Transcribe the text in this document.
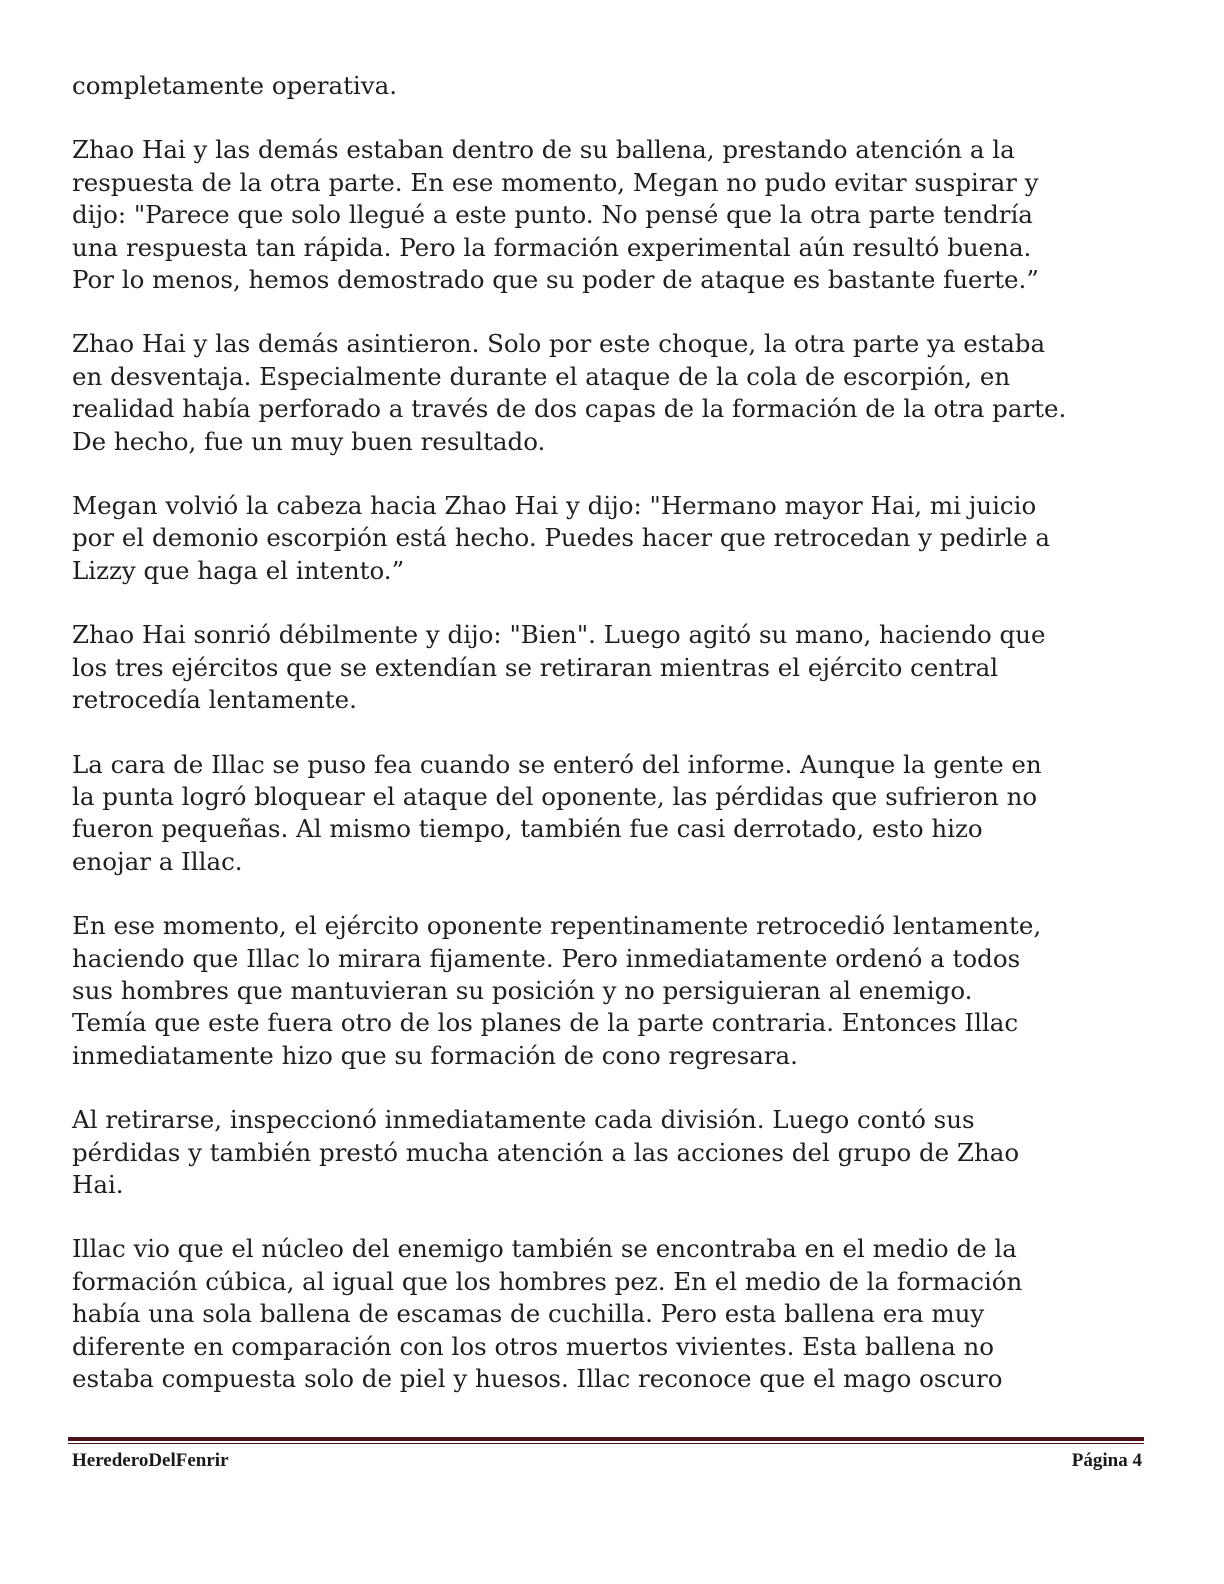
completamente operativa.

Zhao Hai y las demás estaban dentro de su ballena, prestando atención a la
respuesta de la otra parte. En ese momento, Megan no pudo evitar suspirar y
dijo: "Parece que solo llegué a este punto. No pensé que la otra parte tendría
una respuesta tan rápida. Pero la formación experimental aún resultó buena.
Por lo menos, hemos demostrado que su poder de ataque es bastante fuerte.”

Zhao Hai y las demás asintieron. Solo por este choque, la otra parte ya estaba
en desventaja. Especialmente durante el ataque de la cola de escorpión, en
realidad había perforado a través de dos capas de la formación de la otra parte.
De hecho, fue un muy buen resultado.

Megan volvió la cabeza hacia Zhao Hai y dijo: "Hermano mayor Hai, mi juicio
por el demonio escorpión está hecho. Puedes hacer que retrocedan y pedirle a
Lizzy que haga el intento.”

Zhao Hai sonrió débilmente y dijo: "Bien". Luego agitó su mano, haciendo que
los tres ejércitos que se extendían se retiraran mientras el ejército central
retrocedía lentamente.

La cara de Illac se puso fea cuando se enteró del informe. Aunque la gente en
la punta logró bloquear el ataque del oponente, las pérdidas que sufrieron no
fueron pequeñas. Al mismo tiempo, también fue casi derrotado, esto hizo
enojar a Illac.

En ese momento, el ejército oponente repentinamente retrocedió lentamente,
haciendo que Illac lo mirara fijamente. Pero inmediatamente ordenó a todos
sus hombres que mantuvieran su posición y no persiguieran al enemigo.
Temía que este fuera otro de los planes de la parte contraria. Entonces Illac
inmediatamente hizo que su formación de cono regresara.

Al retirarse, inspeccionó inmediatamente cada división. Luego contó sus
pérdidas y también prestó mucha atención a las acciones del grupo de Zhao
Hai.

Illac vio que el núcleo del enemigo también se encontraba en el medio de la
formación cúbica, al igual que los hombres pez. En el medio de la formación
había una sola ballena de escamas de cuchilla. Pero esta ballena era muy
diferente en comparación con los otros muertos vivientes. Esta ballena no
estaba compuesta solo de piel y huesos. Illac reconoce que el mago oscuro

HerederoDelFenrir	Página 4
